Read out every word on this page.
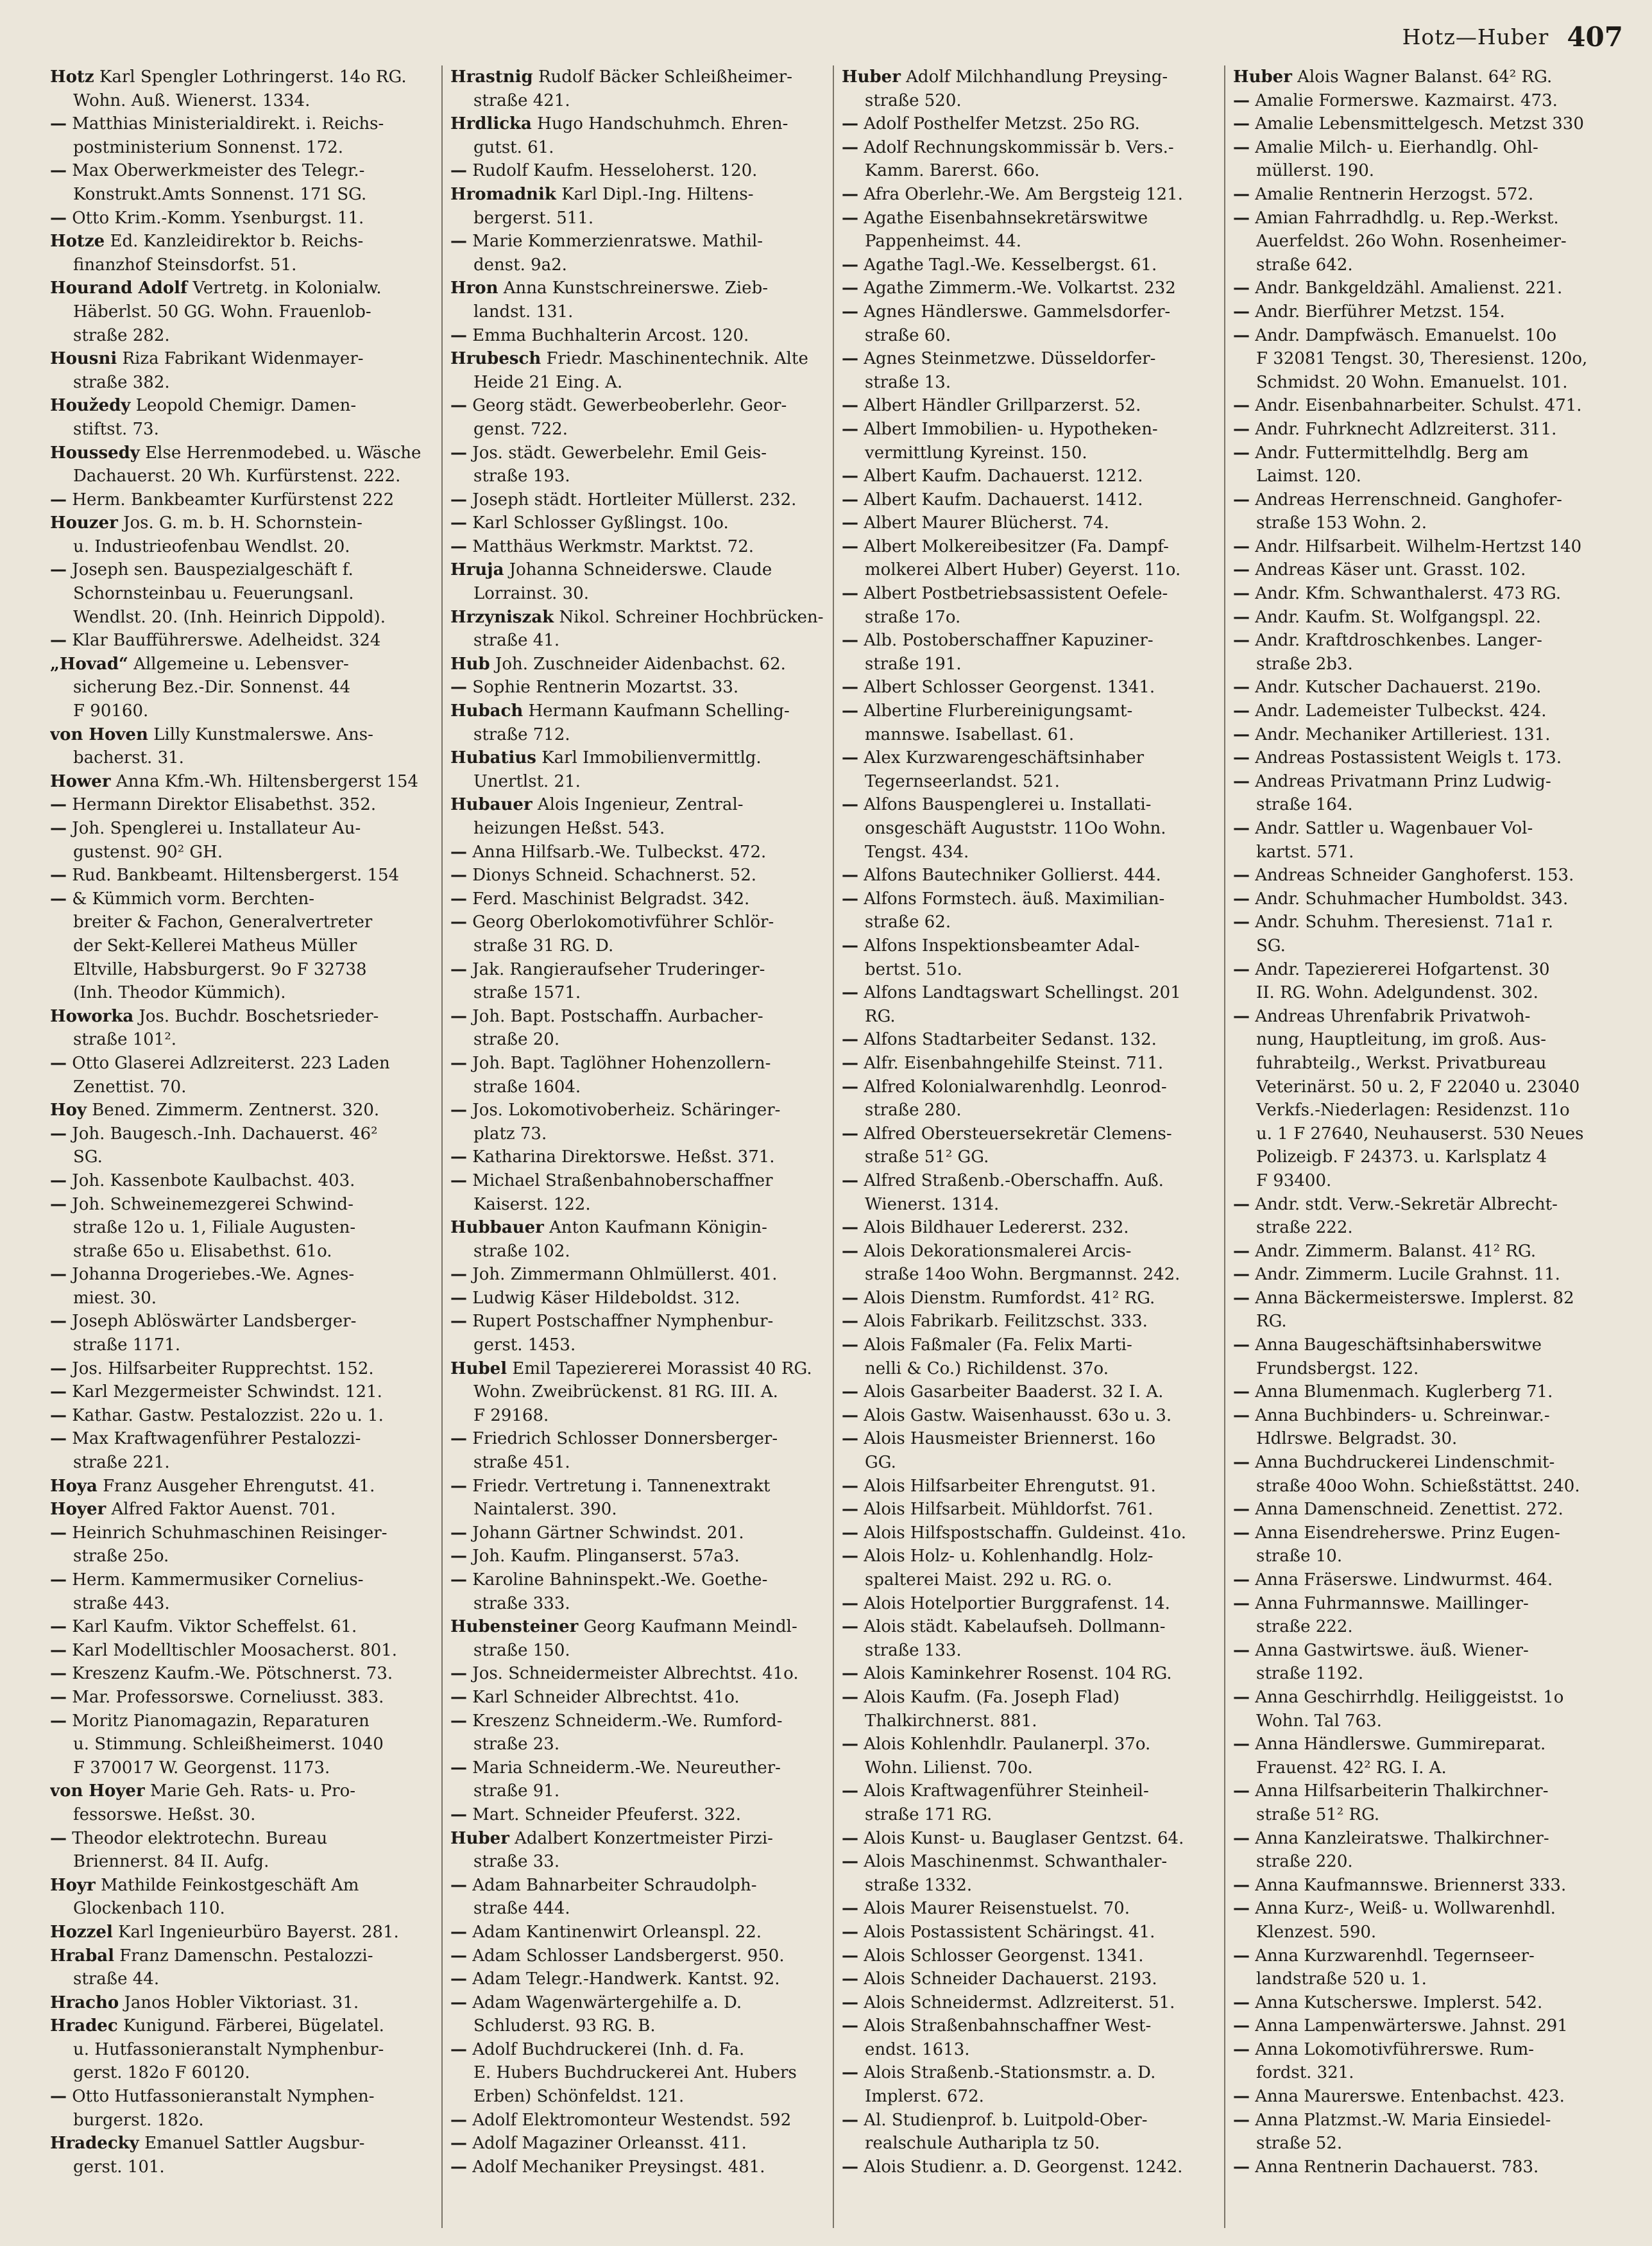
Hotz—Huber 407

Hotz Karl Spengler Lothringerst. 14o RG.

Wohn. Auß. Wienerst. 1334.

— Matthias Ministerialdirekt. i. Reichs-

postministerium Sonnenst. 172.

— Max Oberwerkmeister des Telegr.-

Konstrukt.Amts Sonnenst. 171 SG.

— Otto Krim.-Komm. Ysenburgst. 11.

Hotze Ed. Kanzleidirektor b. Reichs-

finanzhof Steinsdorfst. 51.

Hourand Adolf Vertretg. in Kolonialw.

Häberlst. 50 GG. Wohn. Frauenlob-

straße 282.

Housni Riza Fabrikant Widenmayer-

straße 382.

Houžedy Leopold Chemigr. Damen-

stiftst. 73.

Houssedy Else Herrenmodebed. u. Wäsche

Dachauerst. 20 Wh. Kurfürstenst. 222.

— Herm. Bankbeamter Kurfürstenst 222

Houzer Jos. G. m. b. H. Schornstein-

u. Industrieofenbau Wendlst. 20.

— Joseph sen. Bauspezialgeschäft f.

Schornsteinbau u. Feuerungsanl.

Wendlst. 20. (Inh. Heinrich Dippold).

— Klar Baufführerswe. Adelheidst. 324

„Hovad“ Allgemeine u. Lebensver-

sicherung Bez.-Dir. Sonnenst. 44

F 90160.

von Hoven Lilly Kunstmalerswe. Ans-

bacherst. 31.

Hower Anna Kfm.-Wh. Hiltensbergerst 154

— Hermann Direktor Elisabethst. 352.

— Joh. Spenglerei u. Installateur Au-

gustenst. 90² GH.

— Rud. Bankbeamt. Hiltensbergerst. 154

— & Kümmich vorm. Berchten-

breiter & Fachon, Generalvertreter

der Sekt-Kellerei Matheus Müller

Eltville, Habsburgerst. 9o F 32738

(Inh. Theodor Kümmich).

Howorka Jos. Buchdr. Boschetsrieder-

straße 101².

— Otto Glaserei Adlzreiterst. 223 Laden

Zenettist. 70.

Hoy Bened. Zimmerm. Zentnerst. 320.

— Joh. Baugesch.-Inh. Dachauerst. 46²

SG.

— Joh. Kassenbote Kaulbachst. 403.

— Joh. Schweinemezgerei Schwind-

straße 12o u. 1, Filiale Augusten-

straße 65o u. Elisabethst. 61o.

— Johanna Drogeriebes.-We. Agnes-

miest. 30.

— Joseph Ablöswärter Landsberger-

straße 1171.

— Jos. Hilfsarbeiter Rupprechtst. 152.

— Karl Mezgermeister Schwindst. 121.

— Kathar. Gastw. Pestalozzist. 22o u. 1.

— Max Kraftwagenführer Pestalozzi-

straße 221.

Hoya Franz Ausgeher Ehrengutst. 41.

Hoyer Alfred Faktor Auenst. 701.

— Heinrich Schuhmaschinen Reisinger-

straße 25o.

— Herm. Kammermusiker Cornelius-

straße 443.

— Karl Kaufm. Viktor Scheffelst. 61.

— Karl Modelltischler Moosacherst. 801.

— Kreszenz Kaufm.-We. Pötschnerst. 73.

— Mar. Professorswe. Corneliusst. 383.

— Moritz Pianomagazin, Reparaturen

u. Stimmung. Schleißheimerst. 1040

F 370017 W. Georgenst. 1173.

von Hoyer Marie Geh. Rats- u. Pro-

fessorswe. Heßst. 30.

— Theodor elektrotechn. Bureau

Briennerst. 84 II. Aufg.

Hoyr Mathilde Feinkostgeschäft Am

Glockenbach 110.

Hozzel Karl Ingenieurbüro Bayerst. 281.

Hrabal Franz Damenschn. Pestalozzi-

straße 44.

Hracho Janos Hobler Viktoriast. 31.

Hradec Kunigund. Färberei, Bügelatel.

u. Hutfassonieranstalt Nymphenbur-

gerst. 182o F 60120.

— Otto Hutfassonieranstalt Nymphen-

burgerst. 182o.

Hradecky Emanuel Sattler Augsbur-

gerst. 101.

Hrastnig Rudolf Bäcker Schleißheimer-

straße 421.

Hrdlicka Hugo Handschuhmch. Ehren-

gutst. 61.

— Rudolf Kaufm. Hesseloherst. 120.

Hromadnik Karl Dipl.-Ing. Hiltens-

bergerst. 511.

— Marie Kommerzienratswe. Mathil-

denst. 9a2.

Hron Anna Kunstschreinerswe. Zieb-

landst. 131.

— Emma Buchhalterin Arcost. 120.

Hrubesch Friedr. Maschinentechnik. Alte

Heide 21 Eing. A.

— Georg städt. Gewerbeoberlehr. Geor-

genst. 722.

— Jos. städt. Gewerbelehr. Emil Geis-

straße 193.

— Joseph städt. Hortleiter Müllerst. 232.

— Karl Schlosser Gyßlingst. 10o.

— Matthäus Werkmstr. Marktst. 72.

Hruja Johanna Schneiderswe. Claude

Lorrainst. 30.

Hrzyniszak Nikol. Schreiner Hochbrücken-

straße 41.

Hub Joh. Zuschneider Aidenbachst. 62.

— Sophie Rentnerin Mozartst. 33.

Hubach Hermann Kaufmann Schelling-

straße 712.

Hubatius Karl Immobilienvermittlg.

Unertlst. 21.

Hubauer Alois Ingenieur, Zentral-

heizungen Heßst. 543.

— Anna Hilfsarb.-We. Tulbeckst. 472.

— Dionys Schneid. Schachnerst. 52.

— Ferd. Maschinist Belgradst. 342.

— Georg Oberlokomotivführer Schlör-

straße 31 RG. D.

— Jak. Rangieraufseher Truderinger-

straße 1571.

— Joh. Bapt. Postschaffn. Aurbacher-

straße 20.

— Joh. Bapt. Taglöhner Hohenzollern-

straße 1604.

— Jos. Lokomotivoberheiz. Schäringer-

platz 73.

— Katharina Direktorswe. Heßst. 371.

— Michael Straßenbahnoberschaffner

Kaiserst. 122.

Hubbauer Anton Kaufmann Königin-

straße 102.

— Joh. Zimmermann Ohlmüllerst. 401.

— Ludwig Käser Hildeboldst. 312.

— Rupert Postschaffner Nymphenbur-

gerst. 1453.

Hubel Emil Tapeziererei Morassist 40 RG.

Wohn. Zweibrückenst. 81 RG. III. A.

F 29168.

— Friedrich Schlosser Donnersberger-

straße 451.

— Friedr. Vertretung i. Tannenextrakt

Naintalerst. 390.

— Johann Gärtner Schwindst. 201.

— Joh. Kaufm. Plinganserst. 57a3.

— Karoline Bahninspekt.-We. Goethe-

straße 333.

Hubensteiner Georg Kaufmann Meindl-

straße 150.

— Jos. Schneidermeister Albrechtst. 41o.

— Karl Schneider Albrechtst. 41o.

— Kreszenz Schneiderm.-We. Rumford-

straße 23.

— Maria Schneiderm.-We. Neureuther-

straße 91.

— Mart. Schneider Pfeuferst. 322.

Huber Adalbert Konzertmeister Pirzi-

straße 33.

— Adam Bahnarbeiter Schraudolph-

straße 444.

— Adam Kantinenwirt Orleanspl. 22.

— Adam Schlosser Landsbergerst. 950.

— Adam Telegr.-Handwerk. Kantst. 92.

— Adam Wagenwärtergehilfe a. D.

Schluderst. 93 RG. B.

— Adolf Buchdruckerei (Inh. d. Fa.

E. Hubers Buchdruckerei Ant. Hubers

Erben) Schönfeldst. 121.

— Adolf Elektromonteur Westendst. 592

— Adolf Magaziner Orleansst. 411.

— Adolf Mechaniker Preysingst. 481.

Huber Adolf Milchhandlung Preysing-

straße 520.

— Adolf Posthelfer Metzst. 25o RG.

— Adolf Rechnungskommissär b. Vers.-

Kamm. Barerst. 66o.

— Afra Oberlehr.-We. Am Bergsteig 121.

— Agathe Eisenbahnsekretärswitwe

Pappenheimst. 44.

— Agathe Tagl.-We. Kesselbergst. 61.

— Agathe Zimmerm.-We. Volkartst. 232

— Agnes Händlerswe. Gammelsdorfer-

straße 60.

— Agnes Steinmetzwe. Düsseldorfer-

straße 13.

— Albert Händler Grillparzerst. 52.

— Albert Immobilien- u. Hypotheken-

vermittlung Kyreinst. 150.

— Albert Kaufm. Dachauerst. 1212.

— Albert Kaufm. Dachauerst. 1412.

— Albert Maurer Blücherst. 74.

— Albert Molkereibesitzer (Fa. Dampf-

molkerei Albert Huber) Geyerst. 11o.

— Albert Postbetriebsassistent Oefele-

straße 17o.

— Alb. Postoberschaffner Kapuziner-

straße 191.

— Albert Schlosser Georgenst. 1341.

— Albertine Flurbereinigungsamt-

mannswe. Isabellast. 61.

— Alex Kurzwarengeschäftsinhaber

Tegernseerlandst. 521.

— Alfons Bauspenglerei u. Installati-

onsgeschäft Auguststr. 11Oo Wohn.

Tengst. 434.

— Alfons Bautechniker Gollierst. 444.

— Alfons Formstech. äuß. Maximilian-

straße 62.

— Alfons Inspektionsbeamter Adal-

bertst. 51o.

— Alfons Landtagswart Schellingst. 201

RG.

— Alfons Stadtarbeiter Sedanst. 132.

— Alfr. Eisenbahngehilfe Steinst. 711.

— Alfred Kolonialwarenhdlg. Leonrod-

straße 280.

— Alfred Obersteuersekretär Clemens-

straße 51² GG.

— Alfred Straßenb.-Oberschaffn. Auß.

Wienerst. 1314.

— Alois Bildhauer Ledererst. 232.

— Alois Dekorationsmalerei Arcis-

straße 14oo Wohn. Bergmannst. 242.

— Alois Dienstm. Rumfordst. 41² RG.

— Alois Fabrikarb. Feilitzschst. 333.

— Alois Faßmaler (Fa. Felix Marti-

nelli & Co.) Richildenst. 37o.

— Alois Gasarbeiter Baaderst. 32 I. A.

— Alois Gastw. Waisenhausst. 63o u. 3.

— Alois Hausmeister Briennerst. 16o

GG.

— Alois Hilfsarbeiter Ehrengutst. 91.

— Alois Hilfsarbeit. Mühldorfst. 761.

— Alois Hilfspostschaffn. Guldeinst. 41o.

— Alois Holz- u. Kohlenhandlg. Holz-

spalterei Maist. 292 u. RG. o.

— Alois Hotelportier Burggrafenst. 14.

— Alois städt. Kabelaufseh. Dollmann-

straße 133.

— Alois Kaminkehrer Rosenst. 104 RG.

— Alois Kaufm. (Fa. Joseph Flad)

Thalkirchnerst. 881.

— Alois Kohlenhdlr. Paulanerpl. 37o.

Wohn. Lilienst. 70o.

— Alois Kraftwagenführer Steinheil-

straße 171 RG.

— Alois Kunst- u. Bauglaser Gentzst. 64.

— Alois Maschinenmst. Schwanthaler-

straße 1332.

— Alois Maurer Reisenstuelst. 70.

— Alois Postassistent Schäringst. 41.

— Alois Schlosser Georgenst. 1341.

— Alois Schneider Dachauerst. 2193.

— Alois Schneidermst. Adlzreiterst. 51.

— Alois Straßenbahnschaffner West-

endst. 1613.

— Alois Straßenb.-Stationsmstr. a. D.

Implerst. 672.

— Al. Studienprof. b. Luitpold-Ober-

realschule Autharipla tz 50.

— Alois Studienr. a. D. Georgenst. 1242.

Huber Alois Wagner Balanst. 64² RG.

— Amalie Formerswe. Kazmairst. 473.

— Amalie Lebensmittelgesch. Metzst 330

— Amalie Milch- u. Eierhandlg. Ohl-

müllerst. 190.

— Amalie Rentnerin Herzogst. 572.

— Amian Fahrradhdlg. u. Rep.-Werkst.

Auerfeldst. 26o Wohn. Rosenheimer-

straße 642.

— Andr. Bankgeldzähl. Amalienst. 221.

— Andr. Bierführer Metzst. 154.

— Andr. Dampfwäsch. Emanuelst. 10o

F 32081 Tengst. 30, Theresienst. 120o,

Schmidst. 20 Wohn. Emanuelst. 101.

— Andr. Eisenbahnarbeiter. Schulst. 471.

— Andr. Fuhrknecht Adlzreiterst. 311.

— Andr. Futtermittelhdlg. Berg am

Laimst. 120.

— Andreas Herrenschneid. Ganghofer-

straße 153 Wohn. 2.

— Andr. Hilfsarbeit. Wilhelm-Hertzst 140

— Andreas Käser unt. Grasst. 102.

— Andr. Kfm. Schwanthalerst. 473 RG.

— Andr. Kaufm. St. Wolfgangspl. 22.

— Andr. Kraftdroschkenbes. Langer-

straße 2b3.

— Andr. Kutscher Dachauerst. 219o.

— Andr. Lademeister Tulbeckst. 424.

— Andr. Mechaniker Artilleriest. 131.

— Andreas Postassistent Weigls t. 173.

— Andreas Privatmann Prinz Ludwig-

straße 164.

— Andr. Sattler u. Wagenbauer Vol-

kartst. 571.

— Andreas Schneider Ganghoferst. 153.

— Andr. Schuhmacher Humboldst. 343.

— Andr. Schuhm. Theresienst. 71a1 r.

SG.

— Andr. Tapeziererei Hofgartenst. 30

II. RG. Wohn. Adelgundenst. 302.

— Andreas Uhrenfabrik Privatwoh-

nung, Hauptleitung, im groß. Aus-

fuhrabteilg., Werkst. Privatbureau

Veterinärst. 50 u. 2, F 22040 u. 23040

Verkfs.-Niederlagen: Residenzst. 11o

u. 1 F 27640, Neuhauserst. 530 Neues

Polizeigb. F 24373. u. Karlsplatz 4

F 93400.

— Andr. stdt. Verw.-Sekretär Albrecht-

straße 222.

— Andr. Zimmerm. Balanst. 41² RG.

— Andr. Zimmerm. Lucile Grahnst. 11.

— Anna Bäckermeisterswe. Implerst. 82

RG.

— Anna Baugeschäftsinhaberswitwe

Frundsbergst. 122.

— Anna Blumenmach. Kuglerberg 71.

— Anna Buchbinders- u. Schreinwar.-

Hdlrswe. Belgradst. 30.

— Anna Buchdruckerei Lindenschmit-

straße 40oo Wohn. Schießstättst. 240.

— Anna Damenschneid. Zenettist. 272.

— Anna Eisendreherswe. Prinz Eugen-

straße 10.

— Anna Fräserswe. Lindwurmst. 464.

— Anna Fuhrmannswe. Maillinger-

straße 222.

— Anna Gastwirtswe. äuß. Wiener-

straße 1192.

— Anna Geschirrhdlg. Heiliggeistst. 1o

Wohn. Tal 763.

— Anna Händlerswe. Gummireparat.

Frauenst. 42² RG. I. A.

— Anna Hilfsarbeiterin Thalkirchner-

straße 51² RG.

— Anna Kanzleiratswe. Thalkirchner-

straße 220.

— Anna Kaufmannswe. Briennerst 333.

— Anna Kurz-, Weiß- u. Wollwarenhdl.

Klenzest. 590.

— Anna Kurzwarenhdl. Tegernseer-

landstraße 520 u. 1.

— Anna Kutscherswe. Implerst. 542.

— Anna Lampenwärterswe. Jahnst. 291

— Anna Lokomotivführerswe. Rum-

fordst. 321.

— Anna Maurerswe. Entenbachst. 423.

— Anna Platzmst.-W. Maria Einsiedel-

straße 52.

— Anna Rentnerin Dachauerst. 783.
